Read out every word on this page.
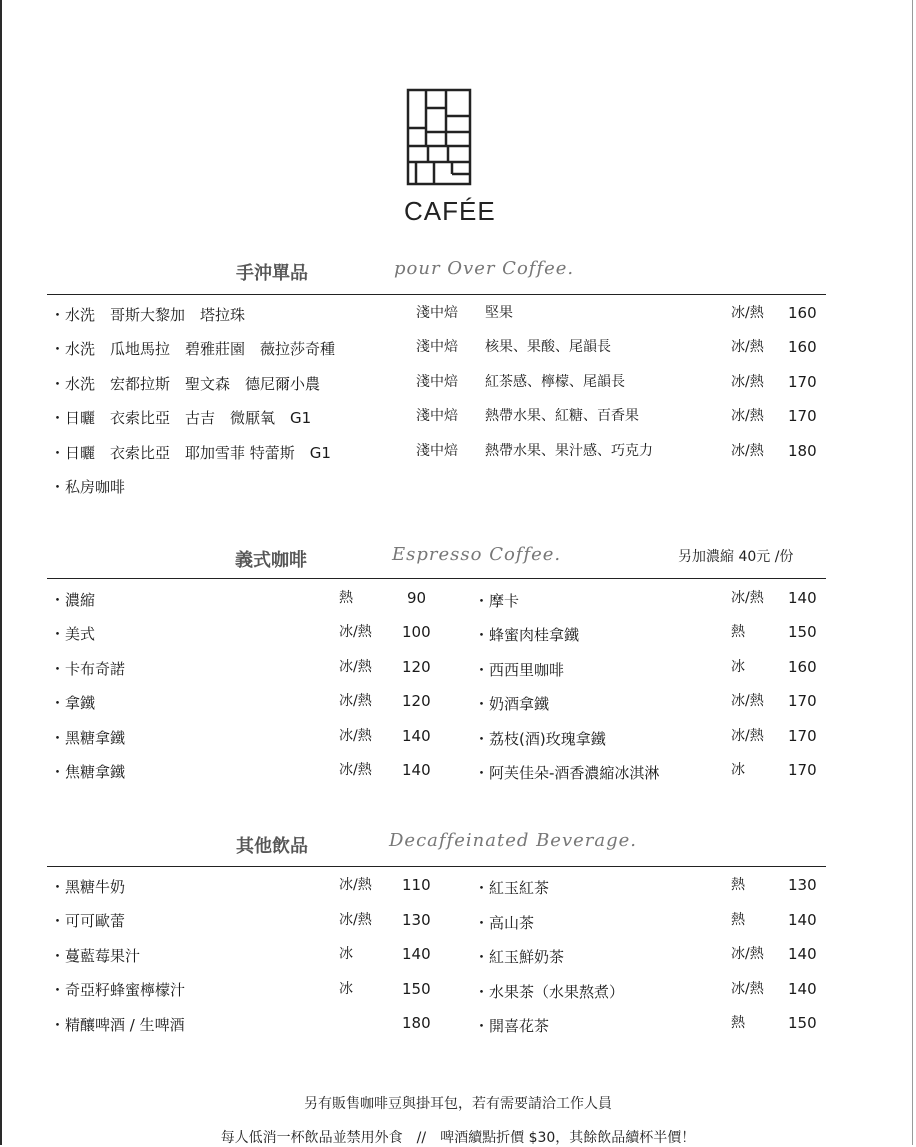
CAFÉE
手沖單品	pour Over Coffee.
・水洗　哥斯大黎加　塔拉珠	淺中焙 堅果	冰/熱 160
・水洗　瓜地馬拉　碧雅莊園　薇拉莎奇種	淺中焙 核果、果酸、尾韻長	冰/熱 160
・水洗　宏都拉斯　聖文森　德尼爾小農	淺中焙 紅茶感、檸檬、尾韻長	冰/熱 170
・日曬　衣索比亞　古吉　微厭氧　G1	淺中焙 熱帶水果、紅糖、百香果	冰/熱 170
・日曬　衣索比亞　耶加雪菲 特蕾斯　G1	淺中焙 熱帶水果、果汁感、巧克力	冰/熱 180
・私房咖啡
義式咖啡	Espresso Coffee.	另加濃縮 40元 /份
・濃縮	熱	90	・摩卡	冰/熱 140
・美式	冰/熱 100	・蜂蜜肉桂拿鐵	熱	150
・卡布奇諾	冰/熱 120	・西西里咖啡	冰	160
・拿鐵	冰/熱 120	・奶酒拿鐵	冰/熱 170
・黑糖拿鐵	冰/熱 140	・荔枝(酒)玫瑰拿鐵	冰/熱 170
・焦糖拿鐵	冰/熱 140	・阿芙佳朵-酒香濃縮冰淇淋	冰	170
其他飲品	Decaffeinated Beverage.
・黑糖牛奶	冰/熱 110	・紅玉紅茶	熱	130
・可可歐蕾	冰/熱 130	・高山茶	熱	140
・蔓藍莓果汁	冰	140	・紅玉鮮奶茶	冰/熱 140
・奇亞籽蜂蜜檸檬汁	冰	150	・水果茶（水果熬煮）	冰/熱 140
・精釀啤酒 / 生啤酒	180	・開喜花茶	熱	150
另有販售咖啡豆與掛耳包，若有需要請洽工作人員
每人低消一杯飲品並禁用外食　//　啤酒續點折價 $30，其餘飲品續杯半價！
